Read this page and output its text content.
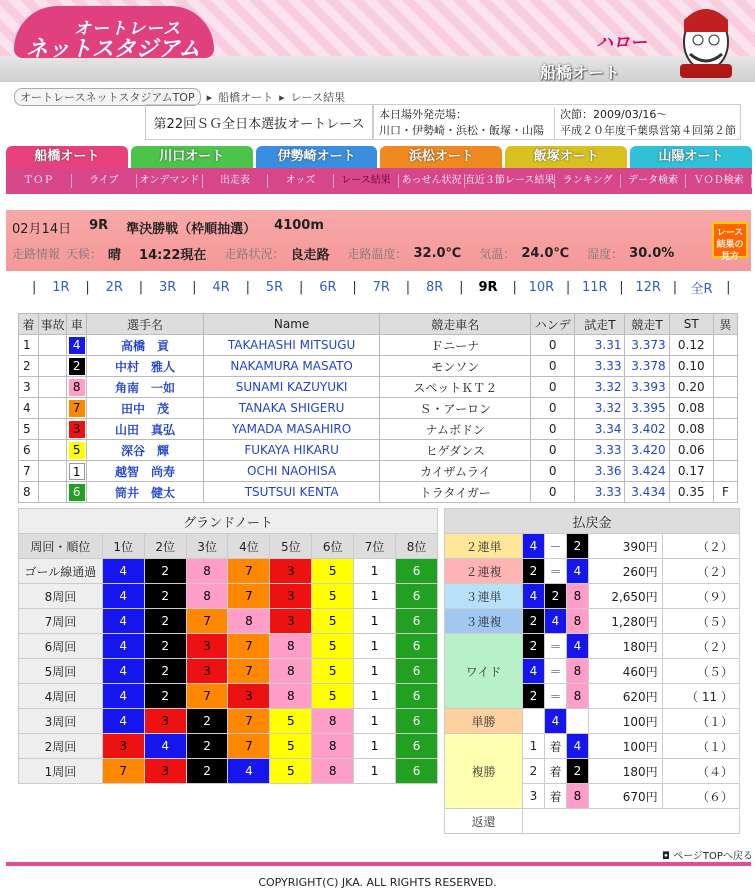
オートレース
ネットスタジアム	ハロー
船橋オート
オートレースネットスタジアムTOP	▸ 船橋オート ▸ レース結果
第22回ＳＧ全日本選抜オートレース
本日場外発売場：
川口・伊勢崎・浜松・飯塚・山陽
次節：2009/03/16～
平成２０年度千葉県営第４回第２節
船橋オート	川口オート	伊勢崎オート	浜松オート	飯塚オート	山陽オート
ＴＯＰ	ライブ	オンデマンド	出走表	オッズ	レース結果	あっせん状況 直近３節レース結果 ランキング	データ検索	ＶＯＤ検索
02月14日 9R 準決勝戦（枠順抽選） 4100m
走路情報 天候： 晴 14:22現在 走路状況： 良走路 走路温度： 32.0℃ 気温： 24.0℃ 湿度： 30.0%
レース結果の見方
|	1R	|	2R	|	3R	|	4R	|	5R	|	6R	|	7R	|	8R	|	9R	| 10R | 11R | 12R |	全R	|
着	事故	車	選手名	Name	競走車名	ハンデ	試走T	競走T	ST	異
1		4	高橋　貢	TAKAHASHI MITSUGU	Ｆニーナ	0	3.31	3.373	0.12	
2		2	中村　雅人	NAKAMURA MASATO	モンソン	0	3.33	3.378	0.10	
3		8	角南　一如	SUNAMI KAZUYUKI	スペットＫＴ２	0	3.32	3.393	0.20	
4		7	田中　茂	TANAKA SHIGERU	Ｓ・アーロン	0	3.32	3.395	0.08	
5		3	山田　真弘	YAMADA MASAHIRO	ナムボドン	0	3.34	3.402	0.08	
6		5	深谷　輝	FUKAYA HIKARU	ヒゲダンス	0	3.33	3.420	0.06	
7		1	越智　尚寿	OCHI NAOHISA	カイザムライ	0	3.36	3.424	0.17	
8		6	筒井　健太	TSUTSUI KENTA	トラタイガー	0	3.33	3.434	0.35	F
グランドノート								
周回・順位	1位	2位	3位	4位	5位	6位	7位	8位
ゴール線通過	4	2	8	7	3	5	1	6
8周回	4	2	8	7	3	5	1	6
7周回	4	2	7	8	3	5	1	6
6周回	4	2	3	7	8	5	1	6
5周回	4	2	3	7	8	5	1	6
4周回	4	2	7	3	8	5	1	6
3周回	4	3	2	7	5	8	1	6
2周回	3	4	2	7	5	8	1	6
1周回	7	3	2	4	5	8	1	6
払戻金					
２連単	4	－	2	390円	（２）
２連複	2	＝	4	260円	（２）
３連単	4	2	8	2,650円	（９）
３連複	2	4	8	1,280円	（５）
ワイド	2	＝	4	180円	（２）
	4	＝	8	460円	（５）
	2	＝	8	620円	（ 11 ）
単勝		4		100円	（１）
複勝	1	着	4	100円	（１）
	2	着	2	180円	（４）
	3	着	8	670円	（６）
返還					
◘ ページTOPへ戻る
COPYRIGHT(C) JKA. ALL RIGHTS RESERVED.
